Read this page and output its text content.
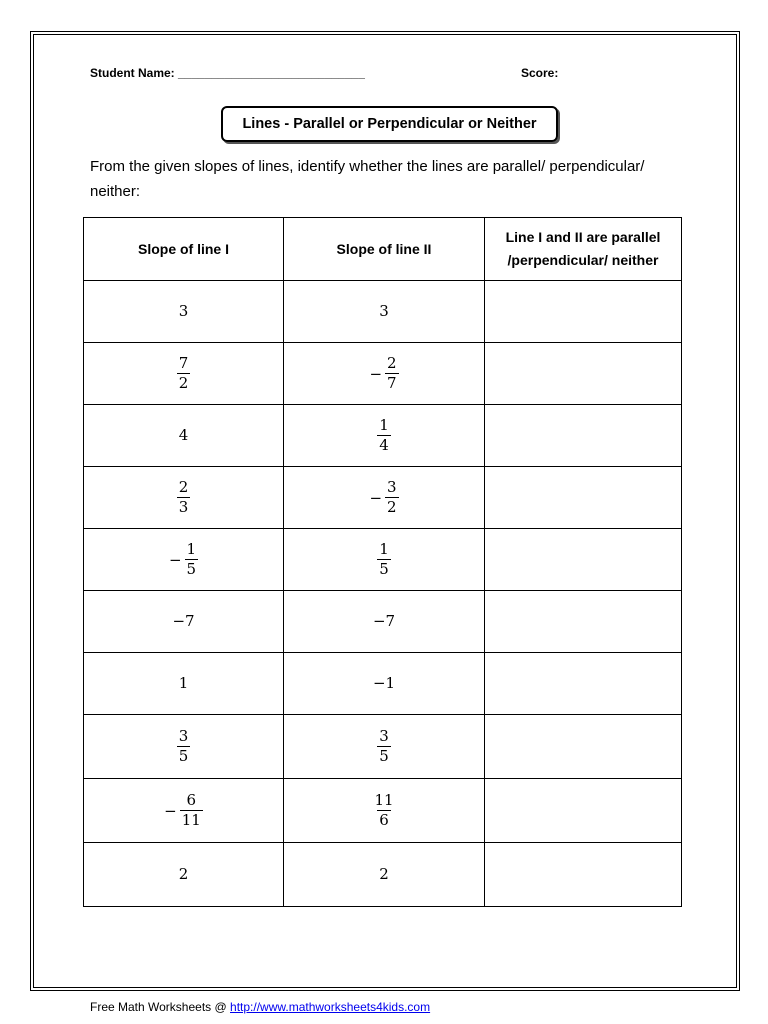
Student Name: ____________________________	Score:
Lines - Parallel or Perpendicular or Neither
From the given slopes of lines, identify whether the lines are parallel/ perpendicular/ neither:
Slope of line I	Slope of line II	Line I and II are parallel /perpendicular/ neither

3	3	

$\frac{7}{2}$	− $\frac{2}{7}$

4	$\frac{1}{4}$

$\frac{2}{3}$	− $\frac{3}{2}$

− $\frac{1}{5}$	$\frac{1}{5}$

−7	−7	

1	−1	

$\frac{3}{5}$	$\frac{3}{5}$

− $\frac{6}{11}$	$\frac{11}{6}$

2	2	

Free Math Worksheets @ http://www.mathworksheets4kids.com
